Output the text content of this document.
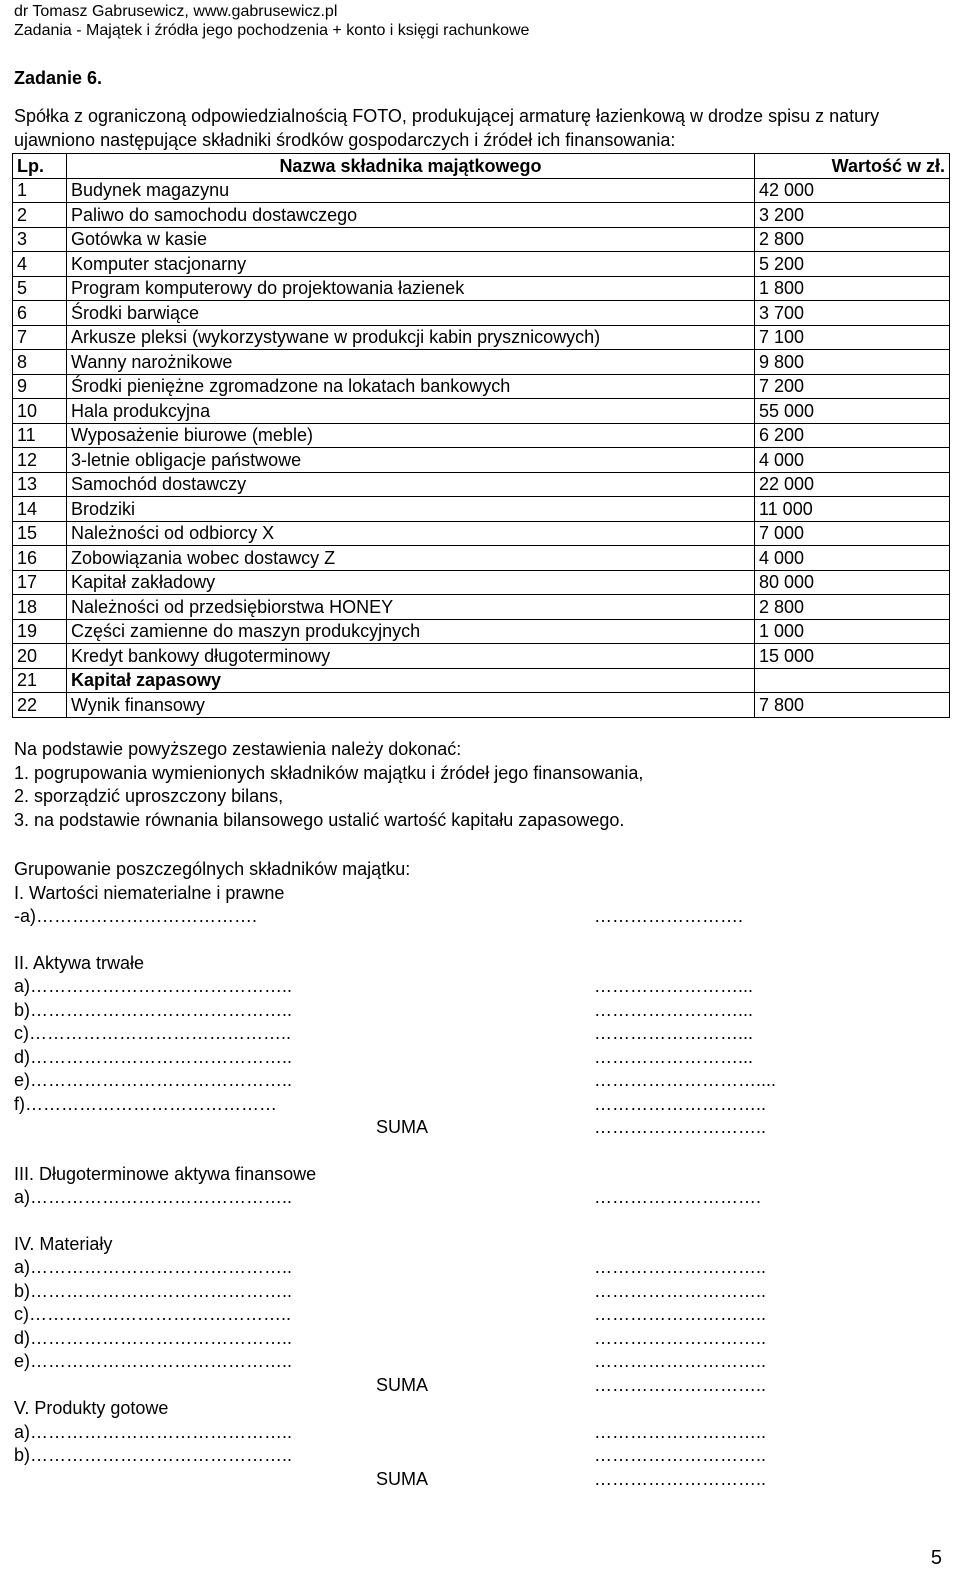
dr Tomasz Gabrusewicz, www.gabrusewicz.pl
Zadania - Majątek i źródła jego pochodzenia + konto i księgi rachunkowe
Zadanie 6.
Spółka z ograniczoną odpowiedzialnością FOTO, produkującej armaturę łazienkową w drodze spisu z natury ujawniono następujące składniki środków gospodarczych i źródeł ich finansowania:
Lp.	Nazwa składnika majątkowego	Wartość w zł.
1	Budynek magazynu	42 000
2	Paliwo do samochodu dostawczego	3 200
3	Gotówka w kasie	2 800
4	Komputer stacjonarny	5 200
5	Program komputerowy do projektowania łazienek	1 800
6	Środki barwiące	3 700
7	Arkusze pleksi (wykorzystywane w produkcji kabin prysznicowych)	7 100
8	Wanny narożnikowe	9 800
9	Środki pieniężne zgromadzone na lokatach bankowych	7 200
10	Hala produkcyjna	55 000
11	Wyposażenie biurowe (meble)	6 200
12	3-letnie obligacje państwowe	4 000
13	Samochód dostawczy	22 000
14	Brodziki	11 000
15	Należności od odbiorcy X	7 000
16	Zobowiązania wobec dostawcy Z	4 000
17	Kapitał zakładowy	80 000
18	Należności od przedsiębiorstwa HONEY	2 800
19	Części zamienne do maszyn produkcyjnych	1 000
20	Kredyt bankowy długoterminowy	15 000
21	Kapitał zapasowy	
22	Wynik finansowy	7 800
Na podstawie powyższego zestawienia należy dokonać:
1. pogrupowania wymienionych składników majątku i źródeł jego finansowania,
2. sporządzić uproszczony bilans,
3. na podstawie równania bilansowego ustalić wartość kapitału zapasowego.
Grupowanie poszczególnych składników majątku:
I. Wartości niematerialne i prawne
-a)……………………………….	…………………….
II. Aktywa trwałe
a)……………………………………..	……………………...
b)……………………………………..	……………………...
c)……………………………………..	……………………...
d)……………………………………..	……………………...
e)……………………………………..	………………………....
f)……………………………………	………………………..
SUMA	………………………..
III. Długoterminowe aktywa finansowe
a)……………………………………..	……………………….
IV. Materiały
a)……………………………………..	………………………..
b)……………………………………..	………………………..
c)……………………………………..	………………………..
d)……………………………………..	………………………..
e)……………………………………..	………………………..
SUMA	………………………..
V. Produkty gotowe
a)……………………………………..	………………………..
b)……………………………………..	………………………..
SUMA	………………………..
5
